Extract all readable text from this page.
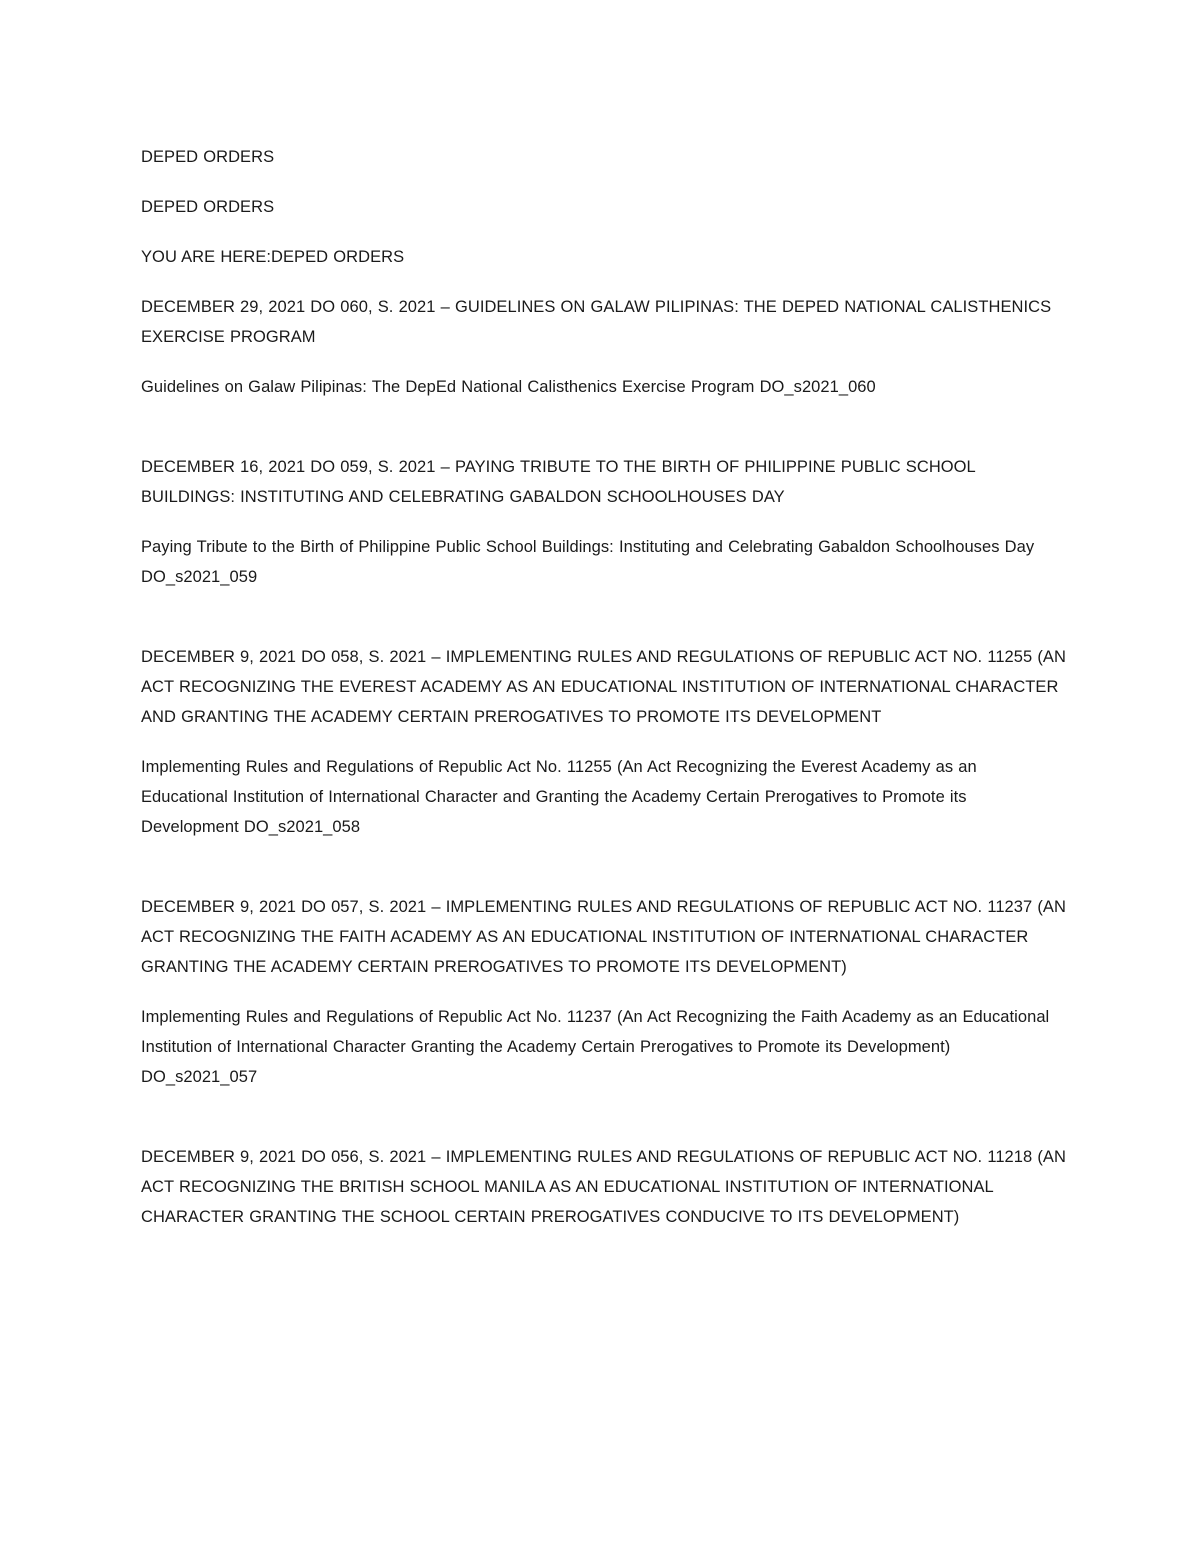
DEPED ORDERS

DEPED ORDERS

YOU ARE HERE:DEPED ORDERS

DECEMBER 29, 2021 DO 060, S. 2021 – GUIDELINES ON GALAW PILIPINAS: THE DEPED NATIONAL CALISTHENICS EXERCISE PROGRAM

Guidelines on Galaw Pilipinas: The DepEd National Calisthenics Exercise Program DO_s2021_060

DECEMBER 16, 2021 DO 059, S. 2021 – PAYING TRIBUTE TO THE BIRTH OF PHILIPPINE PUBLIC SCHOOL BUILDINGS: INSTITUTING AND CELEBRATING GABALDON SCHOOLHOUSES DAY

Paying Tribute to the Birth of Philippine Public School Buildings: Instituting and Celebrating Gabaldon Schoolhouses Day DO_s2021_059

DECEMBER 9, 2021 DO 058, S. 2021 – IMPLEMENTING RULES AND REGULATIONS OF REPUBLIC ACT NO. 11255 (AN ACT RECOGNIZING THE EVEREST ACADEMY AS AN EDUCATIONAL INSTITUTION OF INTERNATIONAL CHARACTER AND GRANTING THE ACADEMY CERTAIN PREROGATIVES TO PROMOTE ITS DEVELOPMENT

Implementing Rules and Regulations of Republic Act No. 11255 (An Act Recognizing the Everest Academy as an Educational Institution of International Character and Granting the Academy Certain Prerogatives to Promote its Development DO_s2021_058

DECEMBER 9, 2021 DO 057, S. 2021 – IMPLEMENTING RULES AND REGULATIONS OF REPUBLIC ACT NO. 11237 (AN ACT RECOGNIZING THE FAITH ACADEMY AS AN EDUCATIONAL INSTITUTION OF INTERNATIONAL CHARACTER GRANTING THE ACADEMY CERTAIN PREROGATIVES TO PROMOTE ITS DEVELOPMENT)

Implementing Rules and Regulations of Republic Act No. 11237 (An Act Recognizing the Faith Academy as an Educational Institution of International Character Granting the Academy Certain Prerogatives to Promote its Development) DO_s2021_057

DECEMBER 9, 2021 DO 056, S. 2021 – IMPLEMENTING RULES AND REGULATIONS OF REPUBLIC ACT NO. 11218 (AN ACT RECOGNIZING THE BRITISH SCHOOL MANILA AS AN EDUCATIONAL INSTITUTION OF INTERNATIONAL CHARACTER GRANTING THE SCHOOL CERTAIN PREROGATIVES CONDUCIVE TO ITS DEVELOPMENT)
